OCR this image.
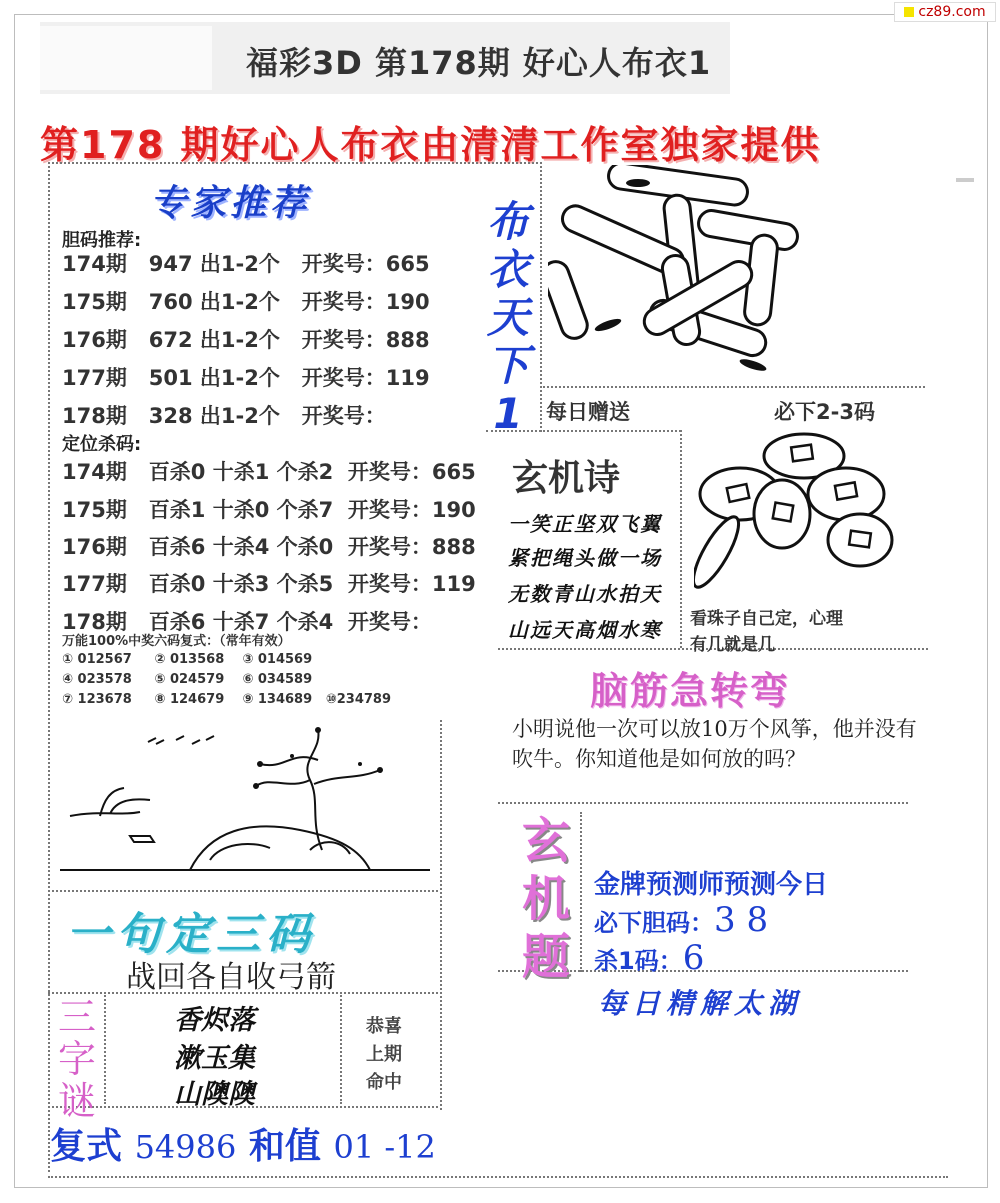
cz89.com
福彩3D 第178期 好心人布衣1
第178 期好心人布衣由清清工作室独家提供
专家推荐
胆码推荐:
174期   947 出1-2个   开奖号：665
175期   760 出1-2个   开奖号：190
176期   672 出1-2个   开奖号：888
177期   501 出1-2个   开奖号：119
178期   328 出1-2个   开奖号：
定位杀码:
174期   百杀0 十杀1 个杀2  开奖号：665
175期   百杀1 十杀0 个杀7  开奖号：190
176期   百杀6 十杀4 个杀0  开奖号：888
177期   百杀0 十杀3 个杀5  开奖号：119
178期   百杀6 十杀7 个杀4  开奖号：
万能100%中奖六码复式：（常年有效）
① 012567     ② 013568    ③ 014569
④ 023578     ⑤ 024579    ⑥ 034589
⑦ 123678     ⑧ 124679    ⑨ 134689   ⑩234789
布
衣
天
下
1	每日赠送	必下2-3码
玄机诗
一笑正坚双飞翼
紧把绳头做一场
无数青山水拍天
山远天高烟水寒 看珠子自己定，心理
有几就是几
脑筋急转弯
小明说他一次可以放10万个风筝，他并没有吹牛。你知道他是如何放的吗？
玄
机
题
金牌预测师预测今日
必下胆码：3 8
杀1码：6
每日精解太湖
一句定三码
战回各自收弓箭
三
字
谜
香烬落
漱玉集
山隩隩
恭喜
上期
命中
复式 54986 和值 01 -12
